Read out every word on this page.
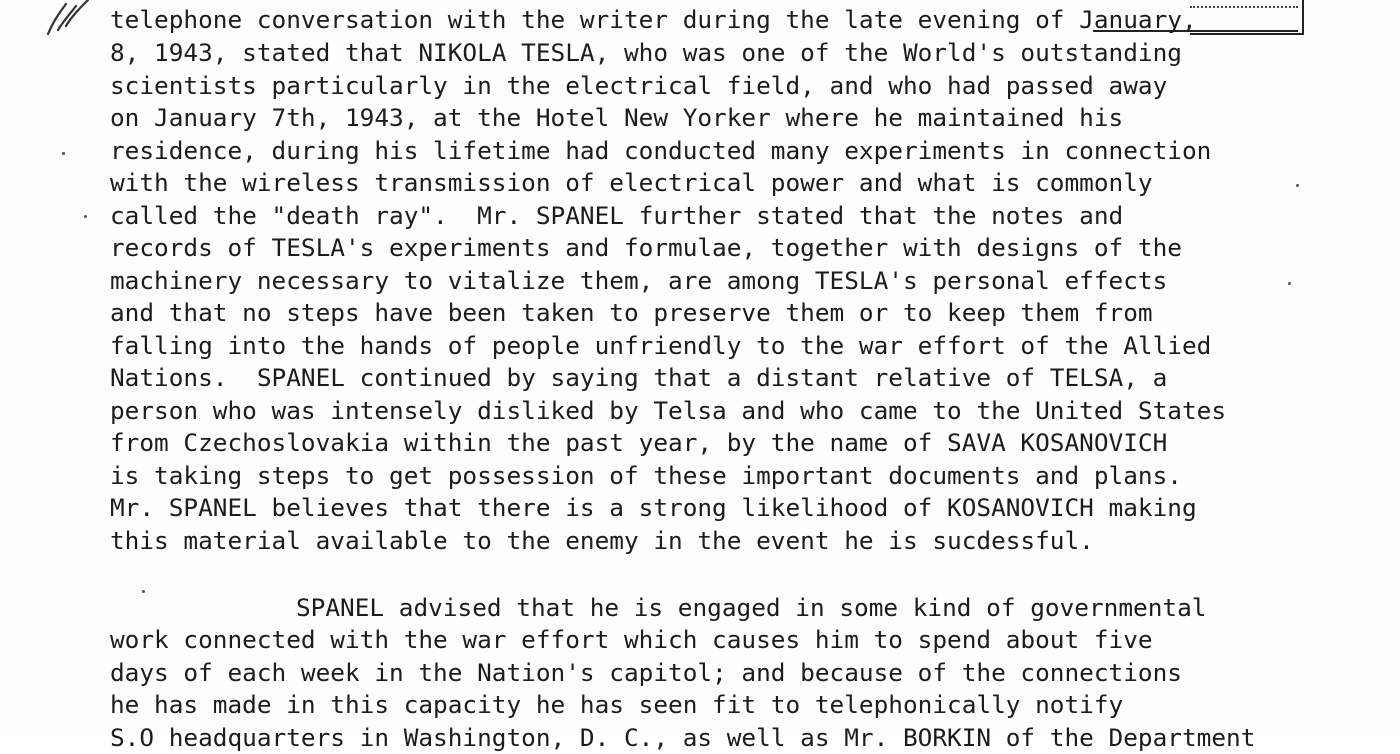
telephone conversation with the writer during the late evening of January,
8, 1943, stated that NIKOLA TESLA, who was one of the World's outstanding
scientists particularly in the electrical field, and who had passed away
on January 7th, 1943, at the Hotel New Yorker where he maintained his
residence, during his lifetime had conducted many experiments in connection
with the wireless transmission of electrical power and what is commonly
called the "death ray".  Mr. SPANEL further stated that the notes and
records of TESLA's experiments and formulae, together with designs of the
machinery necessary to vitalize them, are among TESLA's personal effects
and that no steps have been taken to preserve them or to keep them from
falling into the hands of people unfriendly to the war effort of the Allied
Nations.  SPANEL continued by saying that a distant relative of TELSA, a
person who was intensely disliked by Telsa and who came to the United States
from Czechoslovakia within the past year, by the name of SAVA KOSANOVICH
is taking steps to get possession of these important documents and plans.
Mr. SPANEL believes that there is a strong likelihood of KOSANOVICH making
this material available to the enemy in the event he is sucdessful.
SPANEL advised that he is engaged in some kind of governmental
work connected with the war effort which causes him to spend about five
days of each week in the Nation's capitol; and because of the connections
he has made in this capacity he has seen fit to telephonically notify
S.O headquarters in Washington, D. C., as well as Mr. BORKIN of the Department
